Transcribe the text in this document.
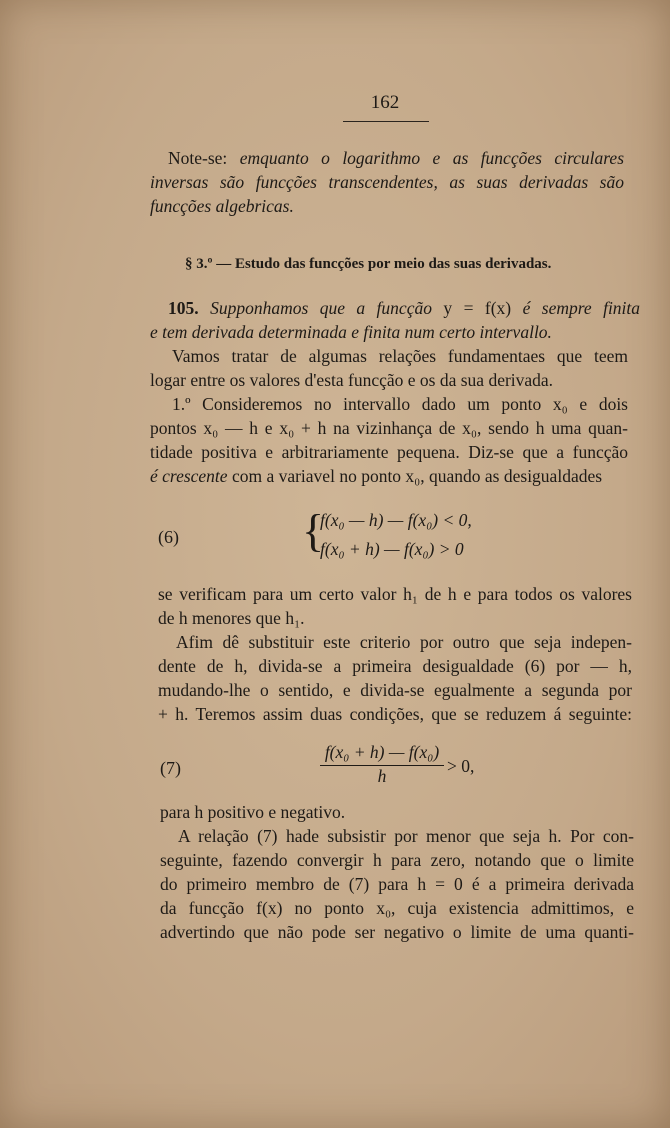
162
Note-se: emquanto o logarithmo e as funcções circulares
inversas são funcções transcendentes, as suas derivadas são
funcções algebricas.
§ 3.º — Estudo das funcções por meio das suas derivadas.
105. Supponhamos que a funcção y = f(x) é sempre finita
e tem derivada determinada e finita num certo intervallo.
Vamos tratar de algumas relações fundamentaes que teem
logar entre os valores d'esta funcção e os da sua derivada.
1.º Consideremos no intervallo dado um ponto x₀ e dois
pontos x₀ — h e x₀ + h na vizinhança de x₀, sendo h uma quan-
tidade positiva e arbitrariamente pequena. Diz-se que a funcção
é crescente com a variavel no ponto x₀, quando as desigualdades
(6)	{
f(x₀ — h) — f(x₀) < 0,
f(x₀ + h) — f(x₀) > 0
se verificam para um certo valor h₁ de h e para todos os valores
de h menores que h₁.
Afim dê substituir este criterio por outro que seja indepen-
dente de h, divida-se a primeira desigualdade (6) por — h,
mudando-lhe o sentido, e divida-se egualmente a segunda por
+ h. Teremos assim duas condições, que se reduzem á seguinte:
(7)
f(x₀ + h) — f(x₀)
h	> 0,
para h positivo e negativo.
A relação (7) hade subsistir por menor que seja h. Por con-
seguinte, fazendo convergir h para zero, notando que o limite
do primeiro membro de (7) para h = 0 é a primeira derivada
da funcção f(x) no ponto x₀, cuja existencia admittimos, e
advertindo que não pode ser negativo o limite de uma quanti-
